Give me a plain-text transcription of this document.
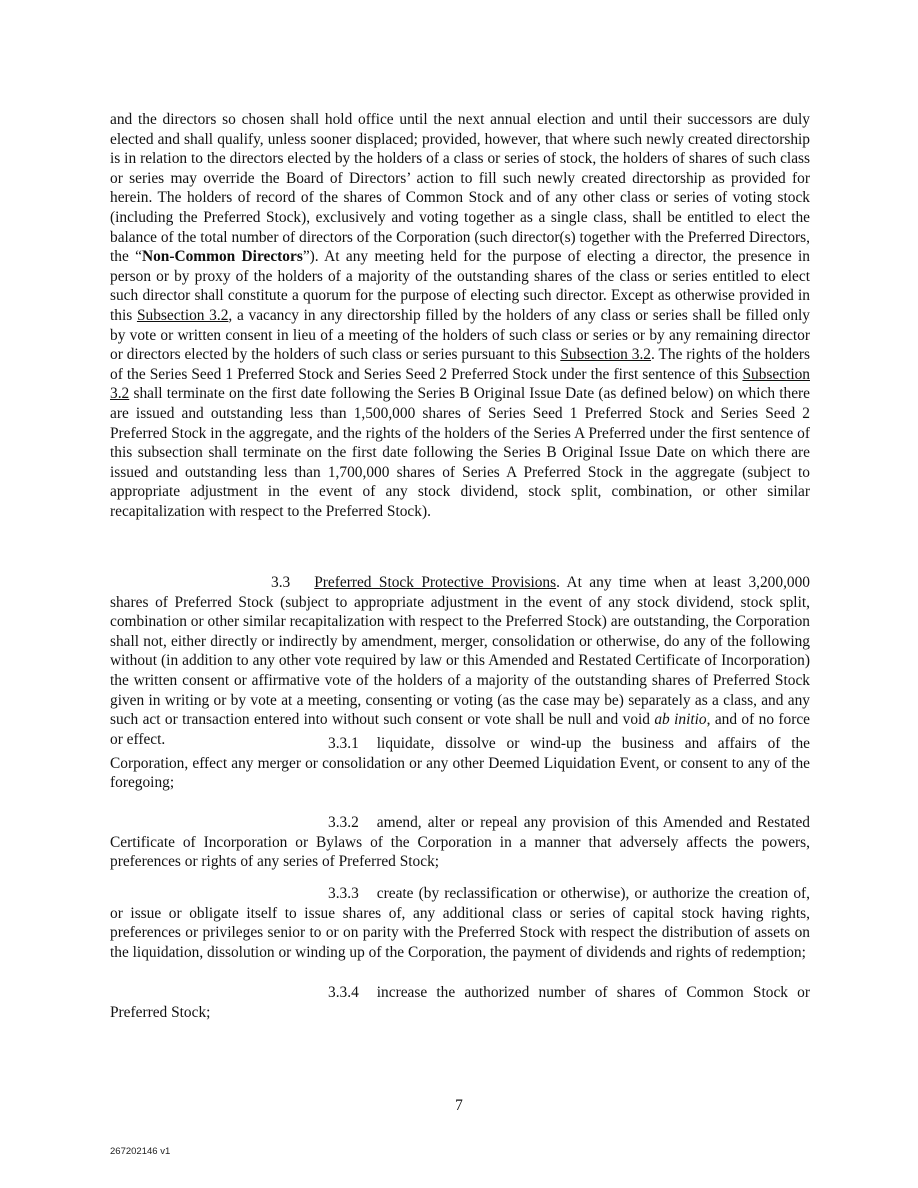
and the directors so chosen shall hold office until the next annual election and until their successors are duly elected and shall qualify, unless sooner displaced; provided, however, that where such newly created directorship is in relation to the directors elected by the holders of a class or series of stock, the holders of shares of such class or series may override the Board of Directors’ action to fill such newly created directorship as provided for herein. The holders of record of the shares of Common Stock and of any other class or series of voting stock (including the Preferred Stock), exclusively and voting together as a single class, shall be entitled to elect the balance of the total number of directors of the Corporation (such director(s) together with the Preferred Directors, the “Non-Common Directors”). At any meeting held for the purpose of electing a director, the presence in person or by proxy of the holders of a majority of the outstanding shares of the class or series entitled to elect such director shall constitute a quorum for the purpose of electing such director. Except as otherwise provided in this Subsection 3.2, a vacancy in any directorship filled by the holders of any class or series shall be filled only by vote or written consent in lieu of a meeting of the holders of such class or series or by any remaining director or directors elected by the holders of such class or series pursuant to this Subsection 3.2. The rights of the holders of the Series Seed 1 Preferred Stock and Series Seed 2 Preferred Stock under the first sentence of this Subsection 3.2 shall terminate on the first date following the Series B Original Issue Date (as defined below) on which there are issued and outstanding less than 1,500,000 shares of Series Seed 1 Preferred Stock and Series Seed 2 Preferred Stock in the aggregate, and the rights of the holders of the Series A Preferred under the first sentence of this subsection shall terminate on the first date following the Series B Original Issue Date on which there are issued and outstanding less than 1,700,000 shares of Series A Preferred Stock in the aggregate (subject to appropriate adjustment in the event of any stock dividend, stock split, combination, or other similar recapitalization with respect to the Preferred Stock).
3.3 Preferred Stock Protective Provisions. At any time when at least 3,200,000 shares of Preferred Stock (subject to appropriate adjustment in the event of any stock dividend, stock split, combination or other similar recapitalization with respect to the Preferred Stock) are outstanding, the Corporation shall not, either directly or indirectly by amendment, merger, consolidation or otherwise, do any of the following without (in addition to any other vote required by law or this Amended and Restated Certificate of Incorporation) the written consent or affirmative vote of the holders of a majority of the outstanding shares of Preferred Stock given in writing or by vote at a meeting, consenting or voting (as the case may be) separately as a class, and any such act or transaction entered into without such consent or vote shall be null and void ab initio, and of no force or effect.	3.3.1 liquidate, dissolve or wind-up the business and affairs of the Corporation, effect any merger or consolidation or any other Deemed Liquidation Event, or consent to any of the foregoing;
3.3.2 amend, alter or repeal any provision of this Amended and Restated Certificate of Incorporation or Bylaws of the Corporation in a manner that adversely affects the powers, preferences or rights of any series of Preferred Stock;
3.3.3 create (by reclassification or otherwise), or authorize the creation of, or issue or obligate itself to issue shares of, any additional class or series of capital stock having rights, preferences or privileges senior to or on parity with the Preferred Stock with respect the distribution of assets on the liquidation, dissolution or winding up of the Corporation, the payment of dividends and rights of redemption;
3.3.4 increase the authorized number of shares of Common Stock or Preferred Stock;
7
267202146 v1
